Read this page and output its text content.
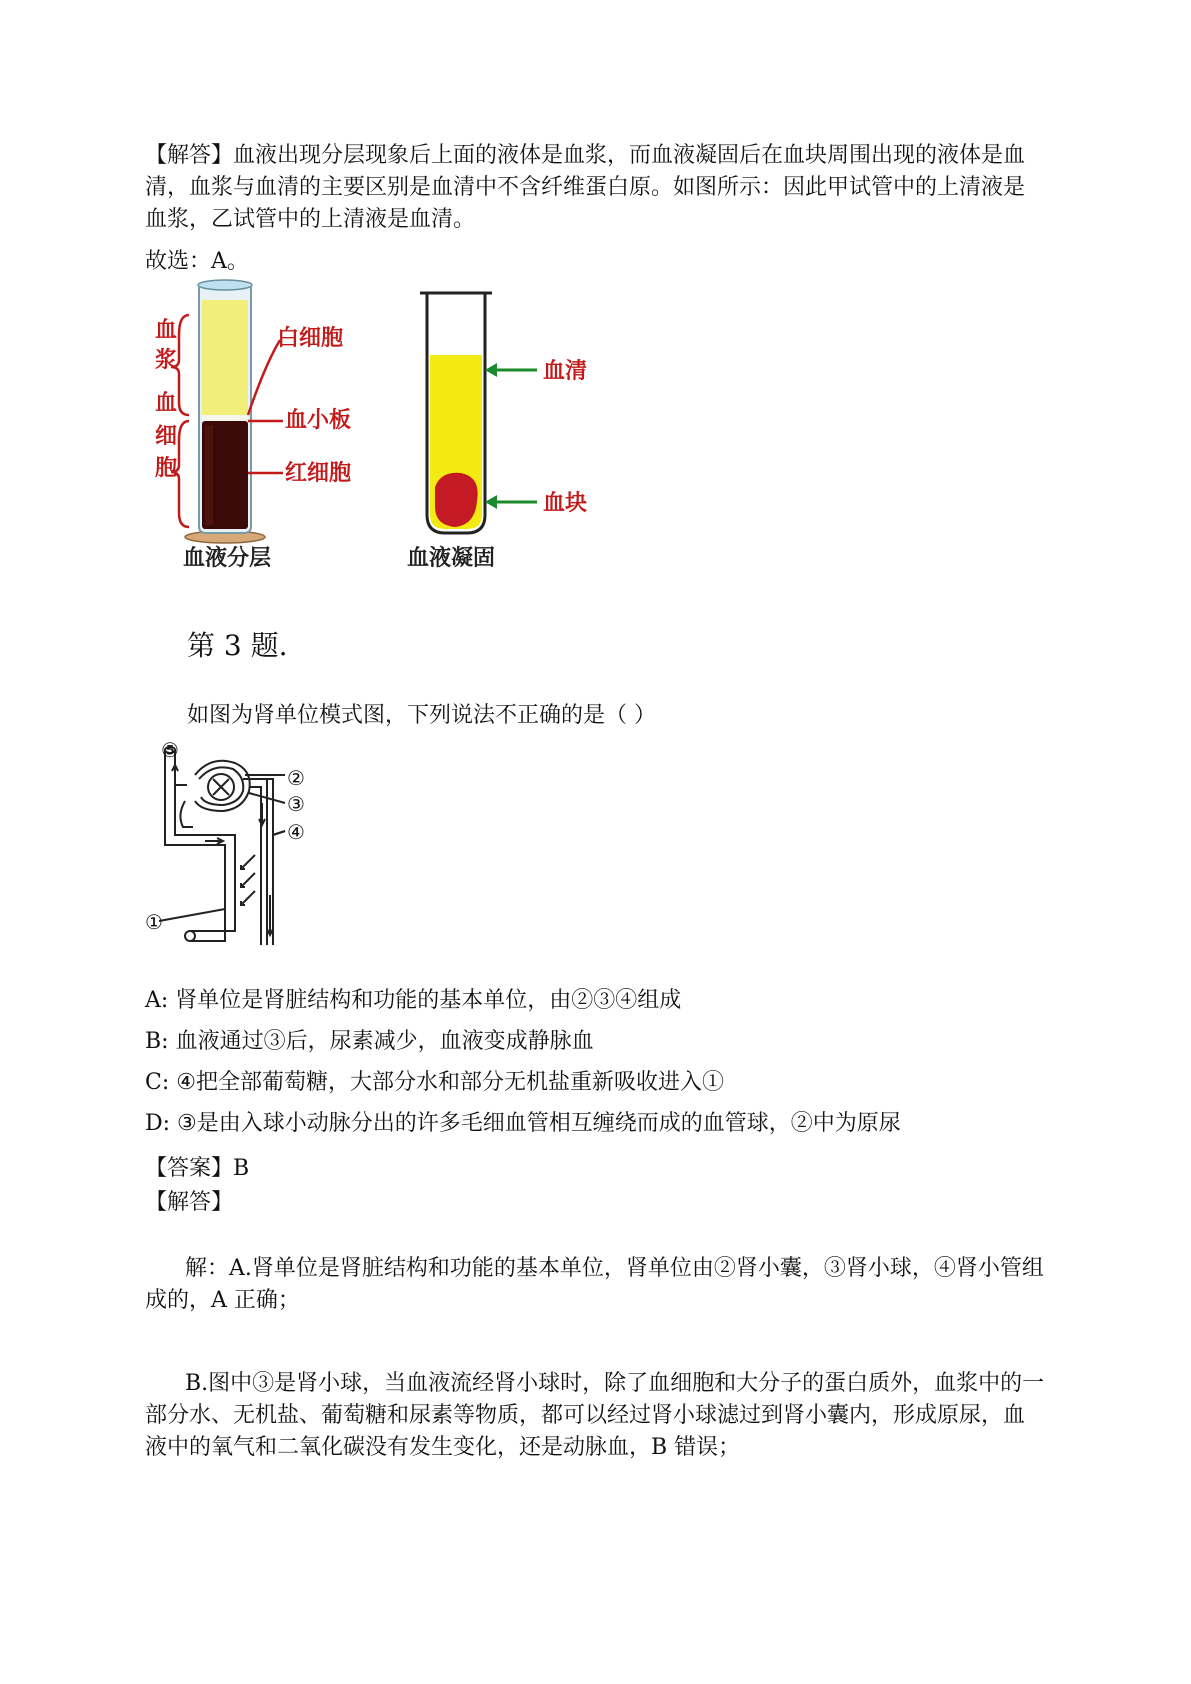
【解答】血液出现分层现象后上面的液体是血浆，而血液凝固后在血块周围出现的液体是血清，血浆与血清的主要区别是血清中不含纤维蛋白原。如图所示：因此甲试管中的上清液是血浆，乙试管中的上清液是血清。

故选：A。
血
浆
血
细
胞
白细胞
血小板
红细胞
血液分层
血清
血块
血液凝固
第 3 题.
如图为肾单位模式图，下列说法不正确的是（ ）
⑤
②
③
④
①
A: 肾单位是肾脏结构和功能的基本单位，由②③④组成
B: 血液通过③后，尿素减少，血液变成静脉血
C: ④把全部葡萄糖，大部分水和部分无机盐重新吸收进入①
D: ③是由入球小动脉分出的许多毛细血管相互缠绕而成的血管球，②中为原尿
【答案】B
【解答】

解：A.肾单位是肾脏结构和功能的基本单位，肾单位由②肾小囊，③肾小球，④肾小管组成的，A 正确；

B.图中③是肾小球，当血液流经肾小球时，除了血细胞和大分子的蛋白质外，血浆中的一部分水、无机盐、葡萄糖和尿素等物质，都可以经过肾小球滤过到肾小囊内，形成原尿，血液中的氧气和二氧化碳没有发生变化，还是动脉血，B 错误；
